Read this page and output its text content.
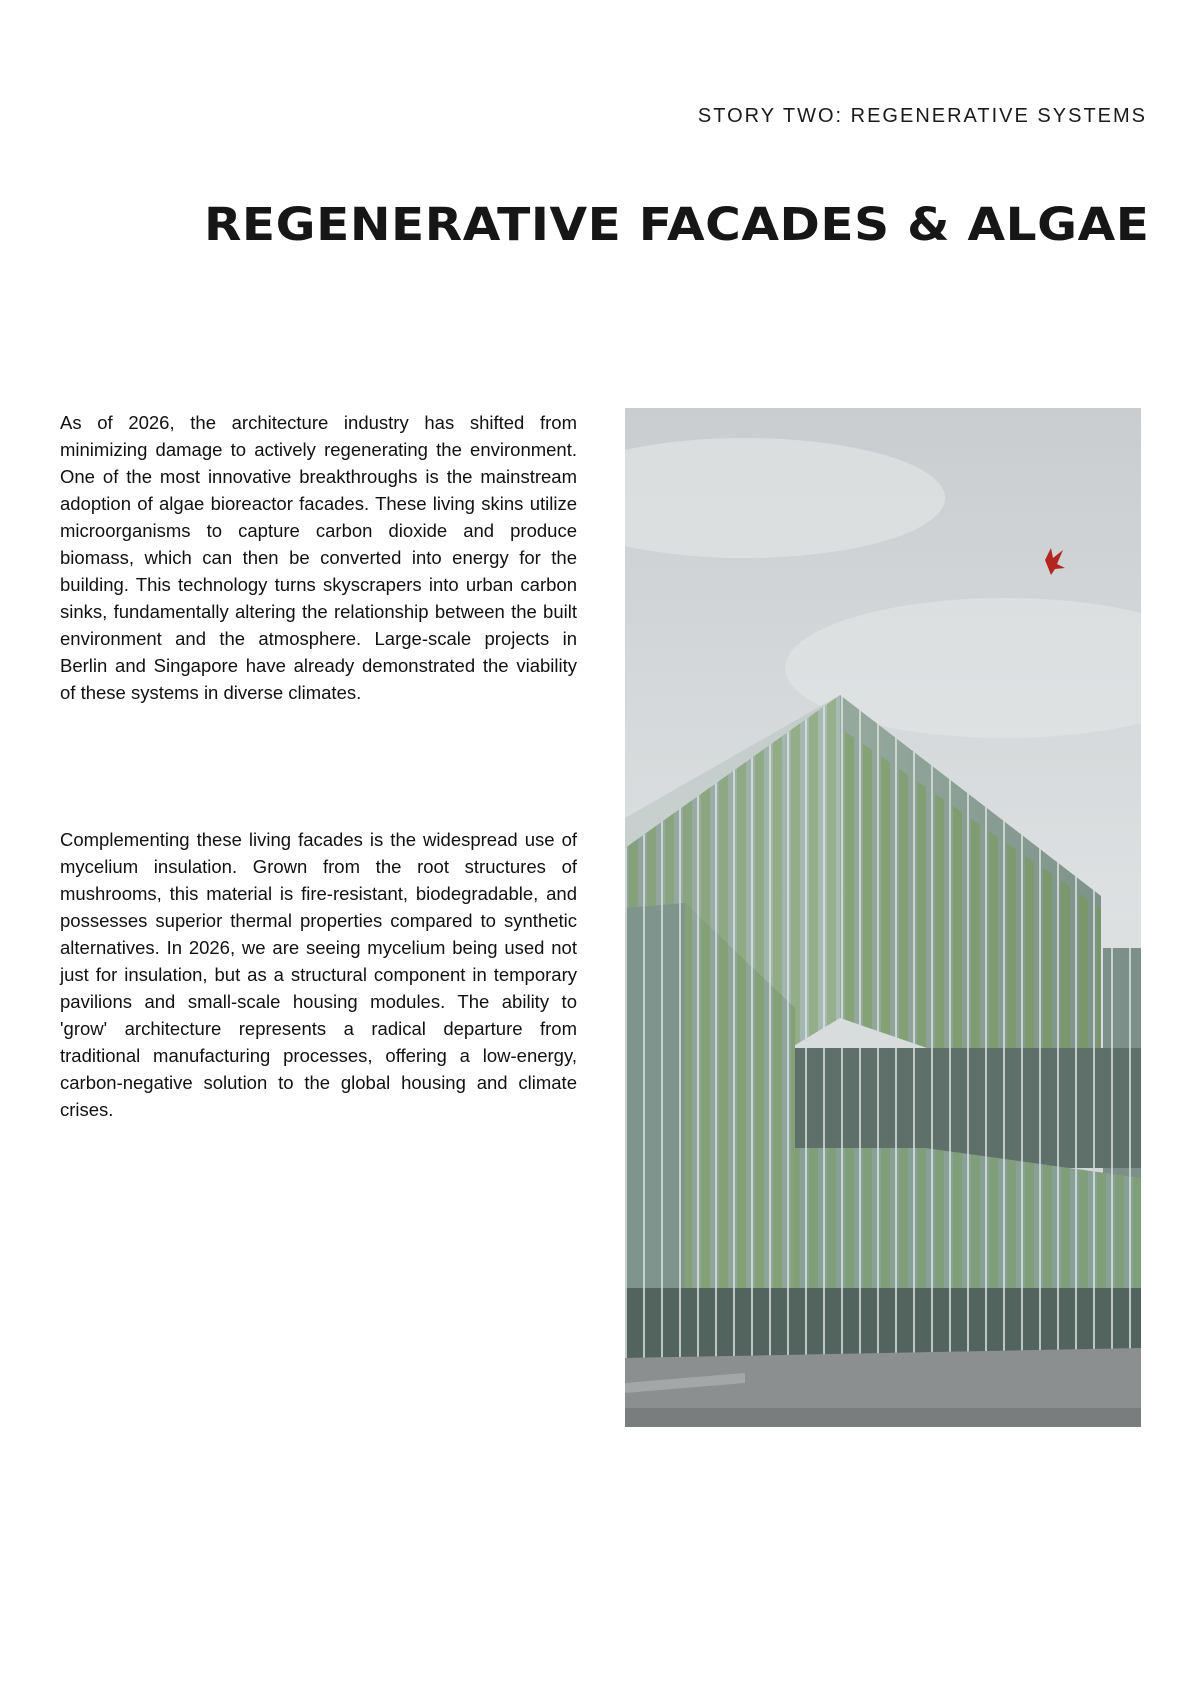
STORY TWO: REGENERATIVE SYSTEMS
REGENERATIVE FACADES & ALGAE

As of 2026, the architecture industry has shifted from minimizing damage to actively regenerating the environment. One of the most innovative breakthroughs is the mainstream adoption of algae bioreactor facades. These living skins utilize microorganisms to capture carbon dioxide and produce biomass, which can then be converted into energy for the building. This technology turns skyscrapers into urban carbon sinks, fundamentally altering the relationship between the built environment and the atmosphere. Large-scale projects in Berlin and Singapore have already demonstrated the viability of these systems in diverse climates.

Complementing these living facades is the widespread use of mycelium insulation. Grown from the root structures of mushrooms, this material is fire-resistant, biodegradable, and possesses superior thermal properties compared to synthetic alternatives. In 2026, we are seeing mycelium being used not just for insulation, but as a structural component in temporary pavilions and small-scale housing modules. The ability to 'grow' architecture represents a radical departure from traditional manufacturing processes, offering a low-energy, carbon-negative solution to the global housing and climate crises.
